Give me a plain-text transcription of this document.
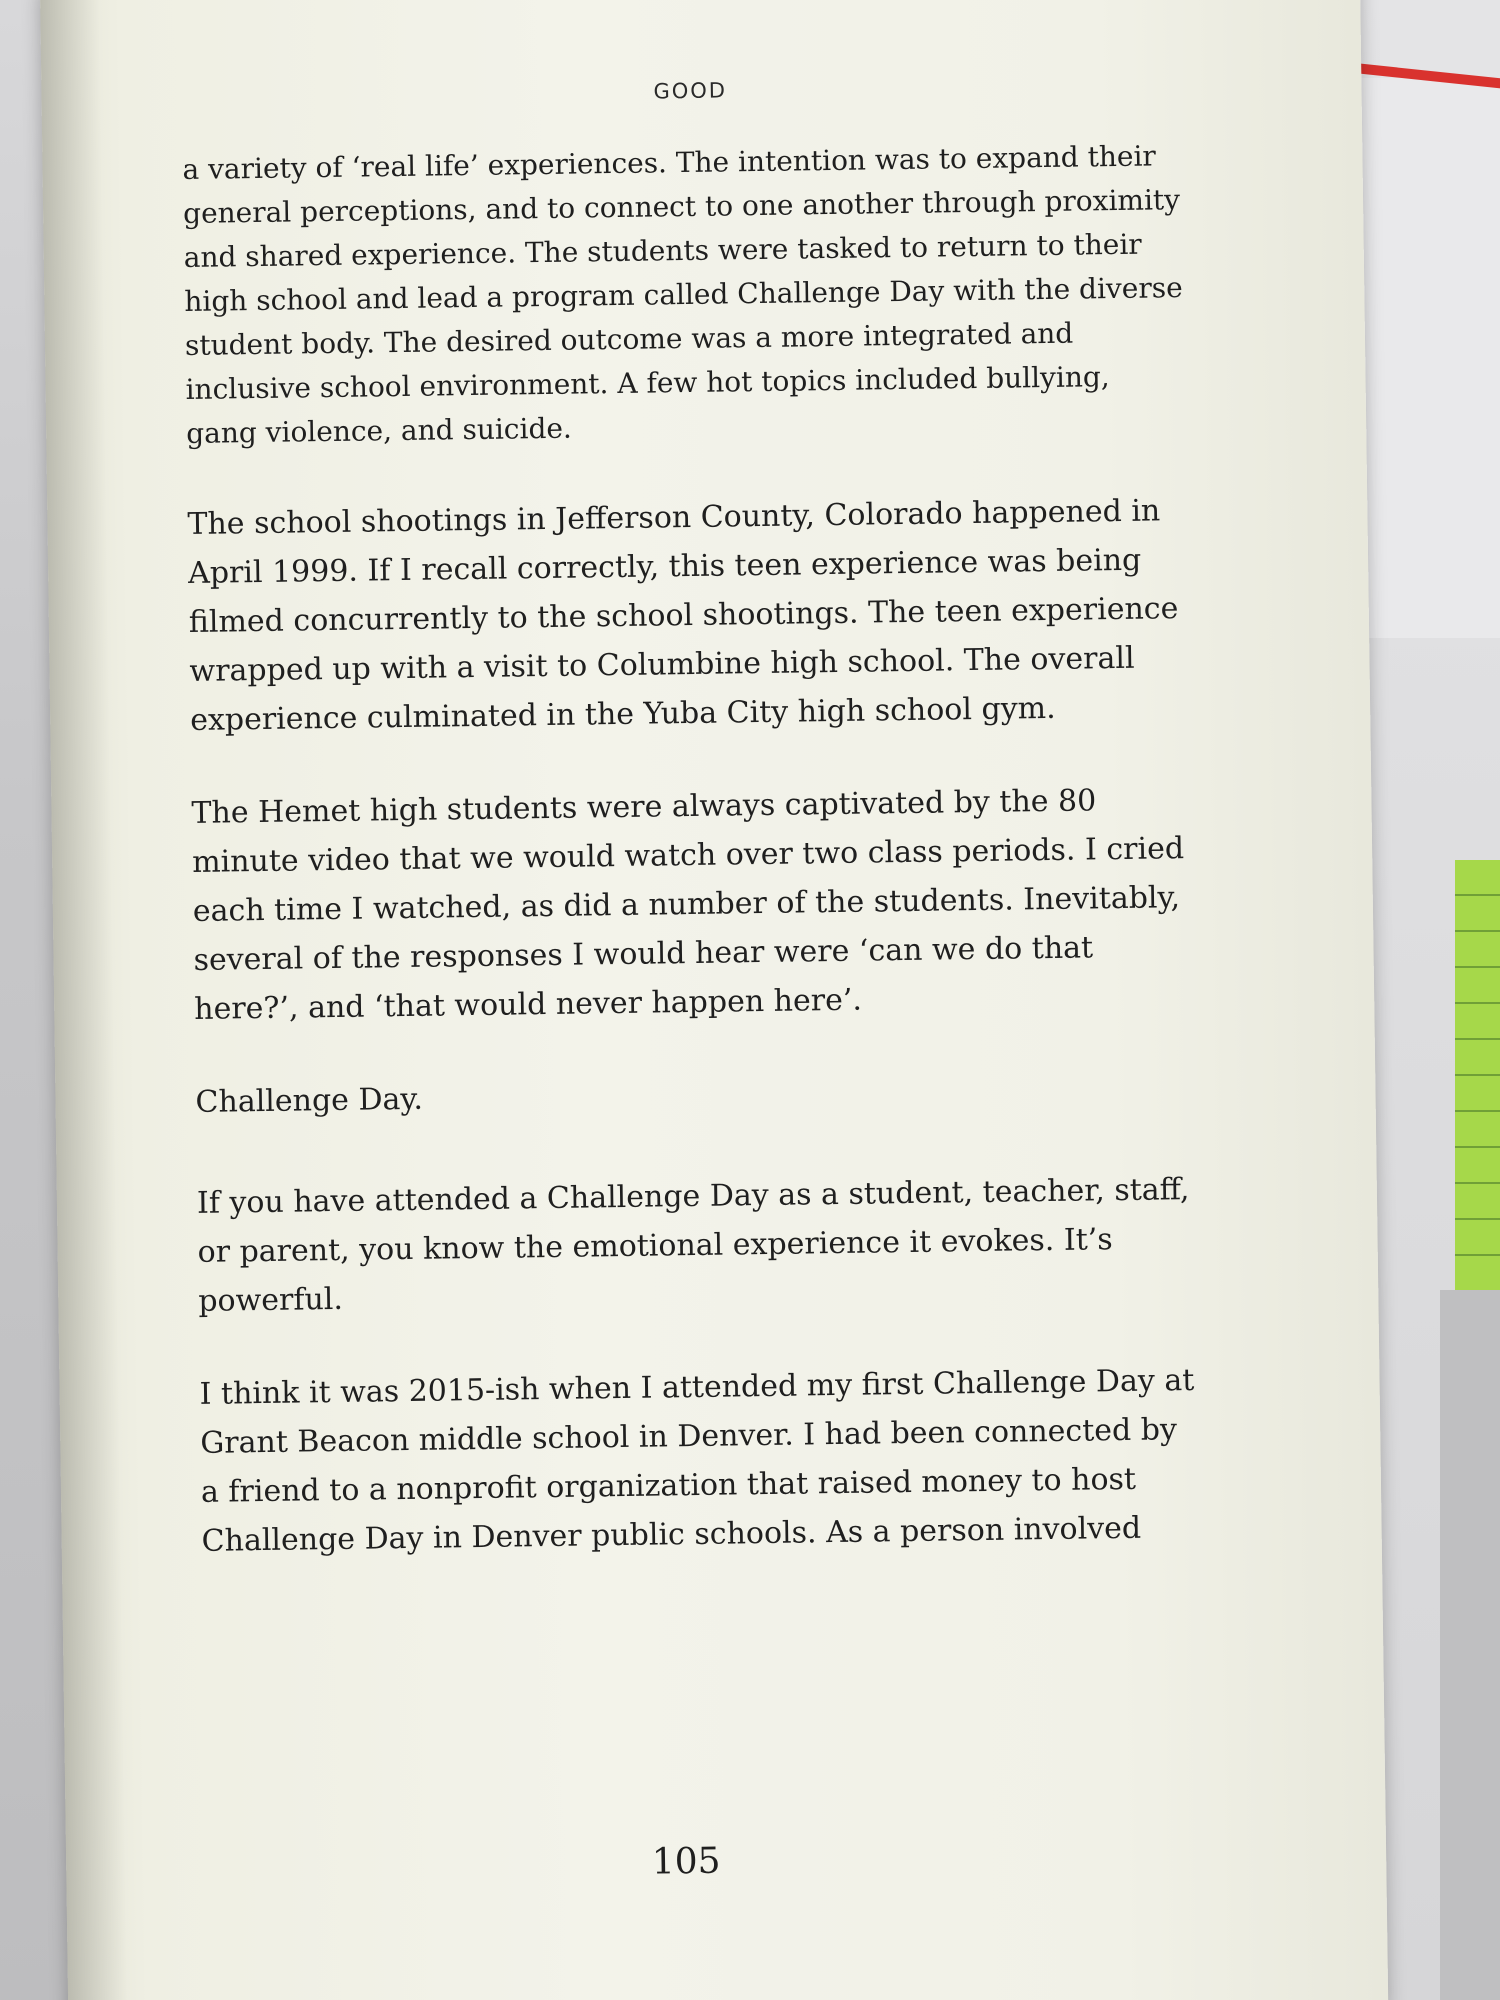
GOOD

a variety of ‘real life’ experiences. The intention was to expand their general perceptions, and to connect to one another through proximity and shared experience. The students were tasked to return to their high school and lead a program called Challenge Day with the diverse student body. The desired outcome was a more integrated and inclusive school environment. A few hot topics included bullying, gang violence, and suicide.

The school shootings in Jefferson County, Colorado happened in April 1999. If I recall correctly, this teen experience was being filmed concurrently to the school shootings. The teen experience wrapped up with a visit to Columbine high school. The overall experience culminated in the Yuba City high school gym.

The Hemet high students were always captivated by the 80 minute video that we would watch over two class periods. I cried each time I watched, as did a number of the students. Inevitably, several of the responses I would hear were ‘can we do that here?’, and ‘that would never happen here’.

Challenge Day.

If you have attended a Challenge Day as a student, teacher, staff, or parent, you know the emotional experience it evokes. It’s powerful.

I think it was 2015-ish when I attended my first Challenge Day at Grant Beacon middle school in Denver. I had been connected by a friend to a nonprofit organization that raised money to host Challenge Day in Denver public schools. As a person involved

105
